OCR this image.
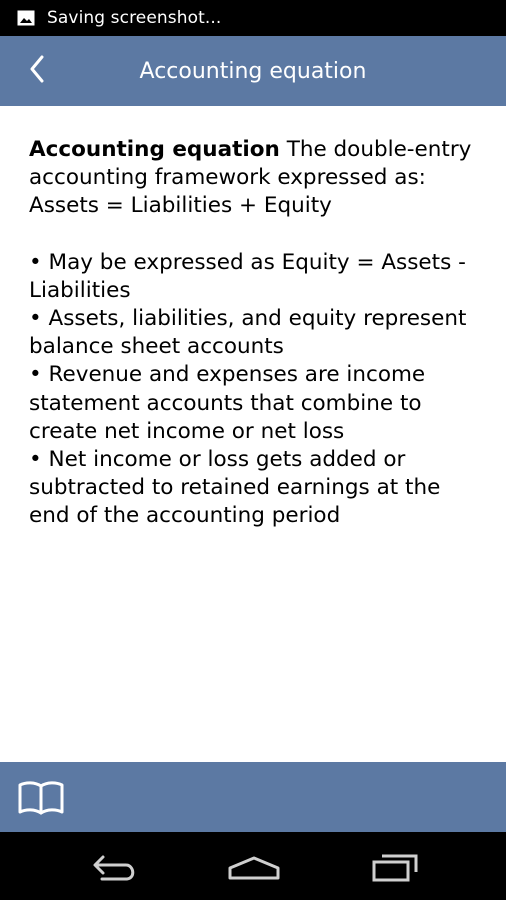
Saving screenshot...
Accounting equation

Accounting equation The double-entry accounting framework expressed as: Assets = Liabilities + Equity

• May be expressed as Equity = Assets - Liabilities
• Assets, liabilities, and equity represent balance sheet accounts
• Revenue and expenses are income statement accounts that combine to create net income or net loss
• Net income or loss gets added or subtracted to retained earnings at the end of the accounting period
